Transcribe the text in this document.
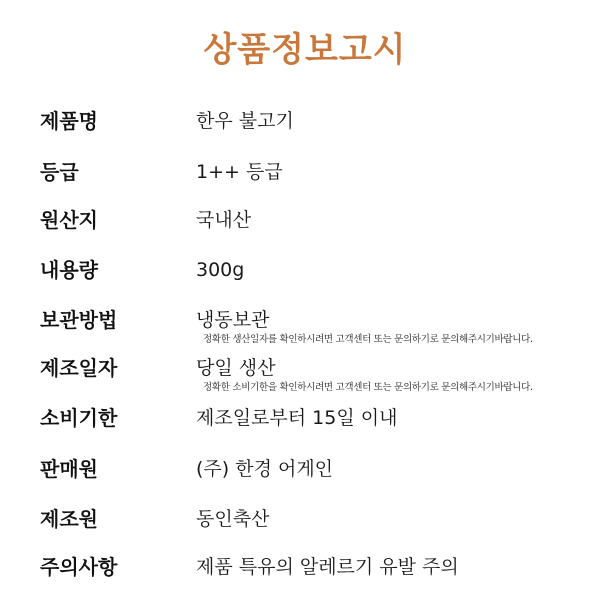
상품정보고시
제품명	한우 불고기
등급	1++ 등급
원산지	국내산
내용량	300g
보관방법	냉동보관
정확한 생산일자를 확인하시려면 고객센터 또는 문의하기로 문의해주시기바랍니다.
제조일자	당일 생산
정확한 소비기한을 확인하시려면 고객센터 또는 문의하기로 문의해주시기바랍니다.
소비기한	제조일로부터 15일 이내
판매원	(주) 한경 어게인
제조원	동인축산
주의사항	제품 특유의 알레르기 유발 주의
